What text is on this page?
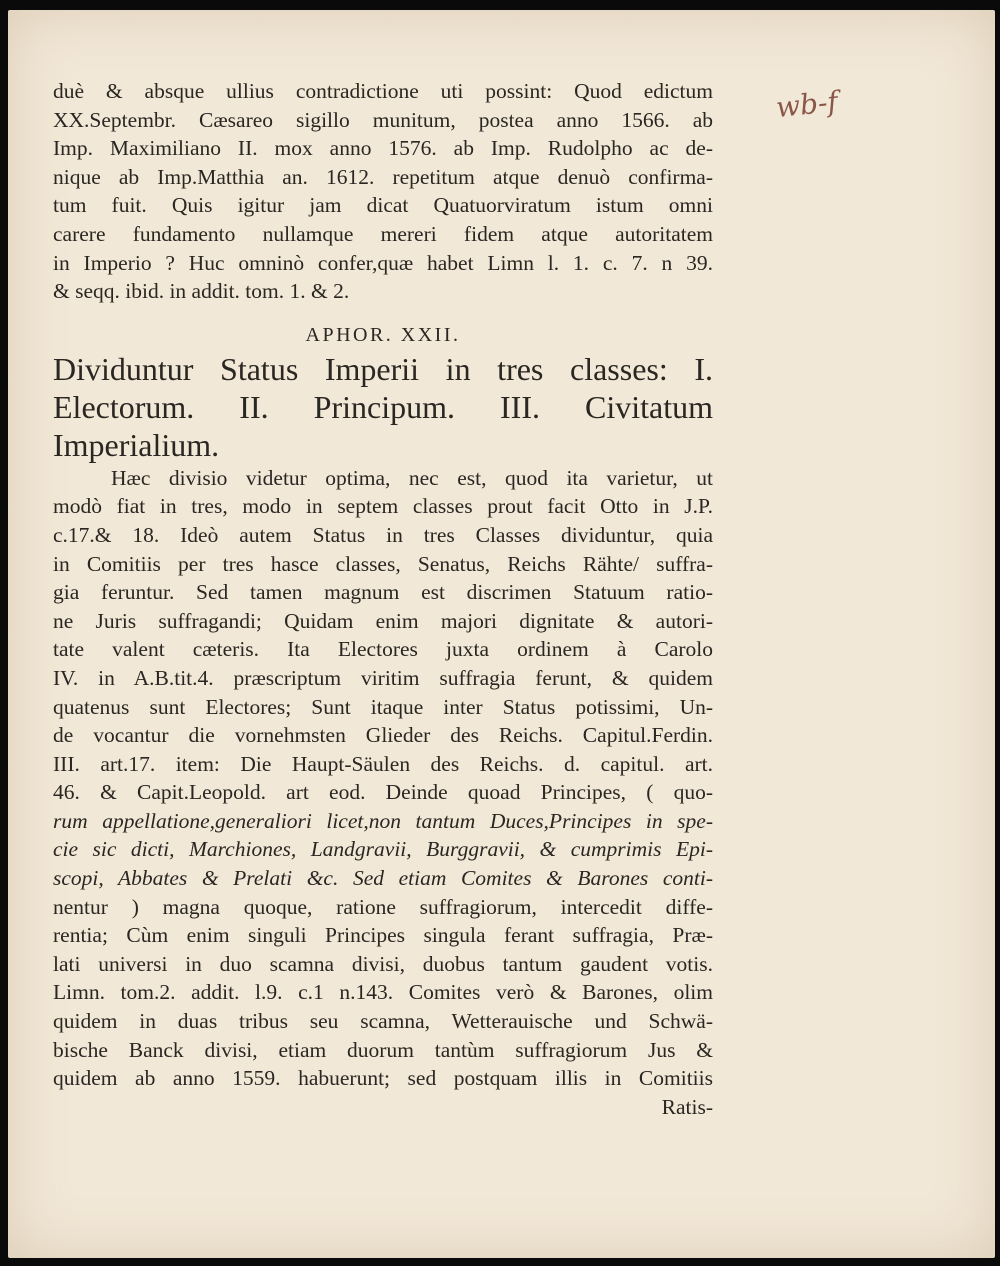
wb-f
duè & absque ullius contradictione uti possint: Quod edictum
XX.Septembr. Cæsareo sigillo munitum, postea anno 1566. ab
Imp. Maximiliano II. mox anno 1576. ab Imp. Rudolpho ac de-
nique ab Imp.Matthia an. 1612. repetitum atque denuò confirma-
tum fuit. Quis igitur jam dicat Quatuorviratum istum omni
carere fundamento nullamque mereri fidem atque autoritatem
in Imperio ? Huc omninò confer,quæ habet Limn l. 1. c. 7. n 39.
& seqq. ibid. in addit. tom. 1. & 2.
APHOR. XXII.
Dividuntur Status Imperii in tres classes: I.
Electorum. II. Principum. III. Civitatum
Imperialium.
Hæc divisio videtur optima, nec est, quod ita varietur, ut
modò fiat in tres, modo in septem classes prout facit Otto in J.P.
c.17.& 18. Ideò autem Status in tres Classes dividuntur, quia
in Comitiis per tres hasce classes, Senatus, Reichs Rähte/ suffra-
gia feruntur. Sed tamen magnum est discrimen Statuum ratio-
ne Juris suffragandi; Quidam enim majori dignitate & autori-
tate valent cæteris. Ita Electores juxta ordinem à Carolo
IV. in A.B.tit.4. præscriptum viritim suffragia ferunt, & quidem
quatenus sunt Electores; Sunt itaque inter Status potissimi, Un-
de vocantur die vornehmsten Glieder des Reichs. Capitul.Ferdin.
III. art.17. item: Die Haupt-Säulen des Reichs. d. capitul. art.
46. & Capit.Leopold. art eod. Deinde quoad Principes, ( quo-
rum appellatione,generaliori licet,non tantum Duces,Principes in spe-
cie sic dicti, Marchiones, Landgravii, Burggravii, & cumprimis Epi-
scopi, Abbates & Prelati &c. Sed etiam Comites & Barones conti-
nentur ) magna quoque, ratione suffragiorum, intercedit diffe-
rentia; Cùm enim singuli Principes singula ferant suffragia, Præ-
lati universi in duo scamna divisi, duobus tantum gaudent votis.
Limn. tom.2. addit. l.9. c.1 n.143. Comites verò & Barones, olim
quidem in duas tribus seu scamna, Wetterauische und Schwä-
bische Banck divisi, etiam duorum tantùm suffragiorum Jus &
quidem ab anno 1559. habuerunt; sed postquam illis in Comitiis
Ratis-
